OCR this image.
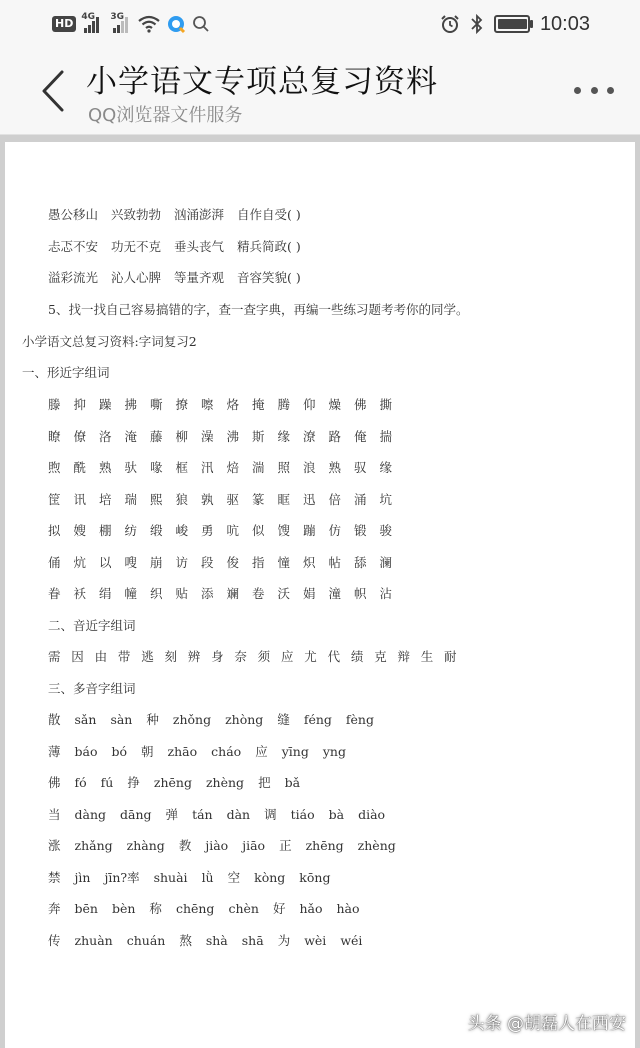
HD 4G 3G	10:03
小学语文专项总复习资料
QQ浏览器文件服务
愚公移山 兴致勃勃 汹涌澎湃 自作自受( )
忐忑不安 功无不克 垂头丧气 精兵简政( )
溢彩流光 沁人心脾 等量齐观 音容笑貌( )
5、找一找自己容易搞错的字，查一查字典，再编一些练习题考考你的同学。
小学语文总复习资料:字词复习2
一、形近字组词
滕 抑 躁 拂 嘶 撩 嚓 烙 掩 腾 仰 燥 佛 撕
瞭 僚 洛 淹 藤 柳 澡 沸 斯 缘 潦 路 俺 揣
煦 酰 熟 驮 喙 框 汛 焙 湍 照 浪 熟 驭 缘
筐 讯 培 瑞 熙 狼 孰 驱 篆 眶 迅 倍 涌 坑
拟 嫂 棚 纺 缎 峻 勇 吭 似 馊 蹦 仿 锻 骏
俑 炕 以 嗖 崩 访 段 俊 指 憧 炽 帖 舔 澜
眷 袄 绢 幢 织 贴 添 斓 卷 沃 娟 潼 帜 沾
二、音近字组词
需 因 由 带 逃 刻 辨 身 奈 须 应 尤 代 绩 克 辩 生 耐
三、多音字组词
散 sǎn sàn 种 zhǒng zhòng 缝 féng fèng
薄 báo bó 朝 zhāo cháo 应 yīng yng
佛 fó fú 挣 zhēng zhèng 把 bǎ
当 dàng dāng 弹 tán dàn 调 tiáo bà diào
涨 zhǎng zhàng 教 jiào jiāo 正 zhēng zhèng
禁 jìn jīn?率 shuài lǜ 空 kòng kōng
奔 bēn bèn 称 chēng chèn 好 hǎo hào
传 zhuàn chuán 熬 shà shā 为 wèi wéi
头条 @胡磊人在西安
